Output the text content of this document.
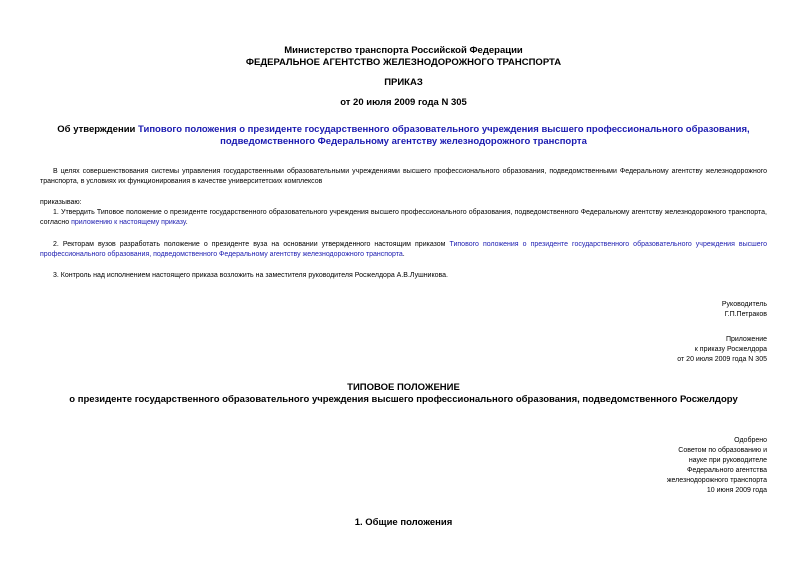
Министерство транспорта Российской Федерации
ФЕДЕРАЛЬНОЕ АГЕНТСТВО ЖЕЛЕЗНОДОРОЖНОГО ТРАНСПОРТА
ПРИКАЗ
от 20 июля 2009 года N 305
Об утверждении Типового положения о президенте государственного образовательного учреждения высшего профессионального образования,
подведомственного Федеральному агентству железнодорожного транспорта
В целях совершенствования системы управления государственными образовательными учреждениями высшего профессионального образования, подведомственными Федеральному агентству железнодорожного транспорта, в условиях их функционирования в качестве университетских комплексов
приказываю:
1. Утвердить Типовое положение о президенте государственного образовательного учреждения высшего профессионального образования, подведомственного Федеральному агентству железнодорожного транспорта, согласно приложению к настоящему приказу.
2. Ректорам вузов разработать положение о президенте вуза на основании утвержденного настоящим приказом Типового положения о президенте государственного образовательного учреждения высшего профессионального образования, подведомственного Федеральному агентству железнодорожного транспорта.
3. Контроль над исполнением настоящего приказа возложить на заместителя руководителя Росжелдора А.В.Лушникова.
Руководитель
Г.П.Петраков
Приложение
к приказу Росжелдора
от 20 июля 2009 года N 305
ТИПОВОЕ ПОЛОЖЕНИЕ
о президенте государственного образовательного учреждения высшего профессионального образования, подведомственного Росжелдору
Одобрено
Советом по образованию и
науке при руководителе
Федерального агентства
железнодорожного транспорта
10 июня 2009 года
1. Общие положения
